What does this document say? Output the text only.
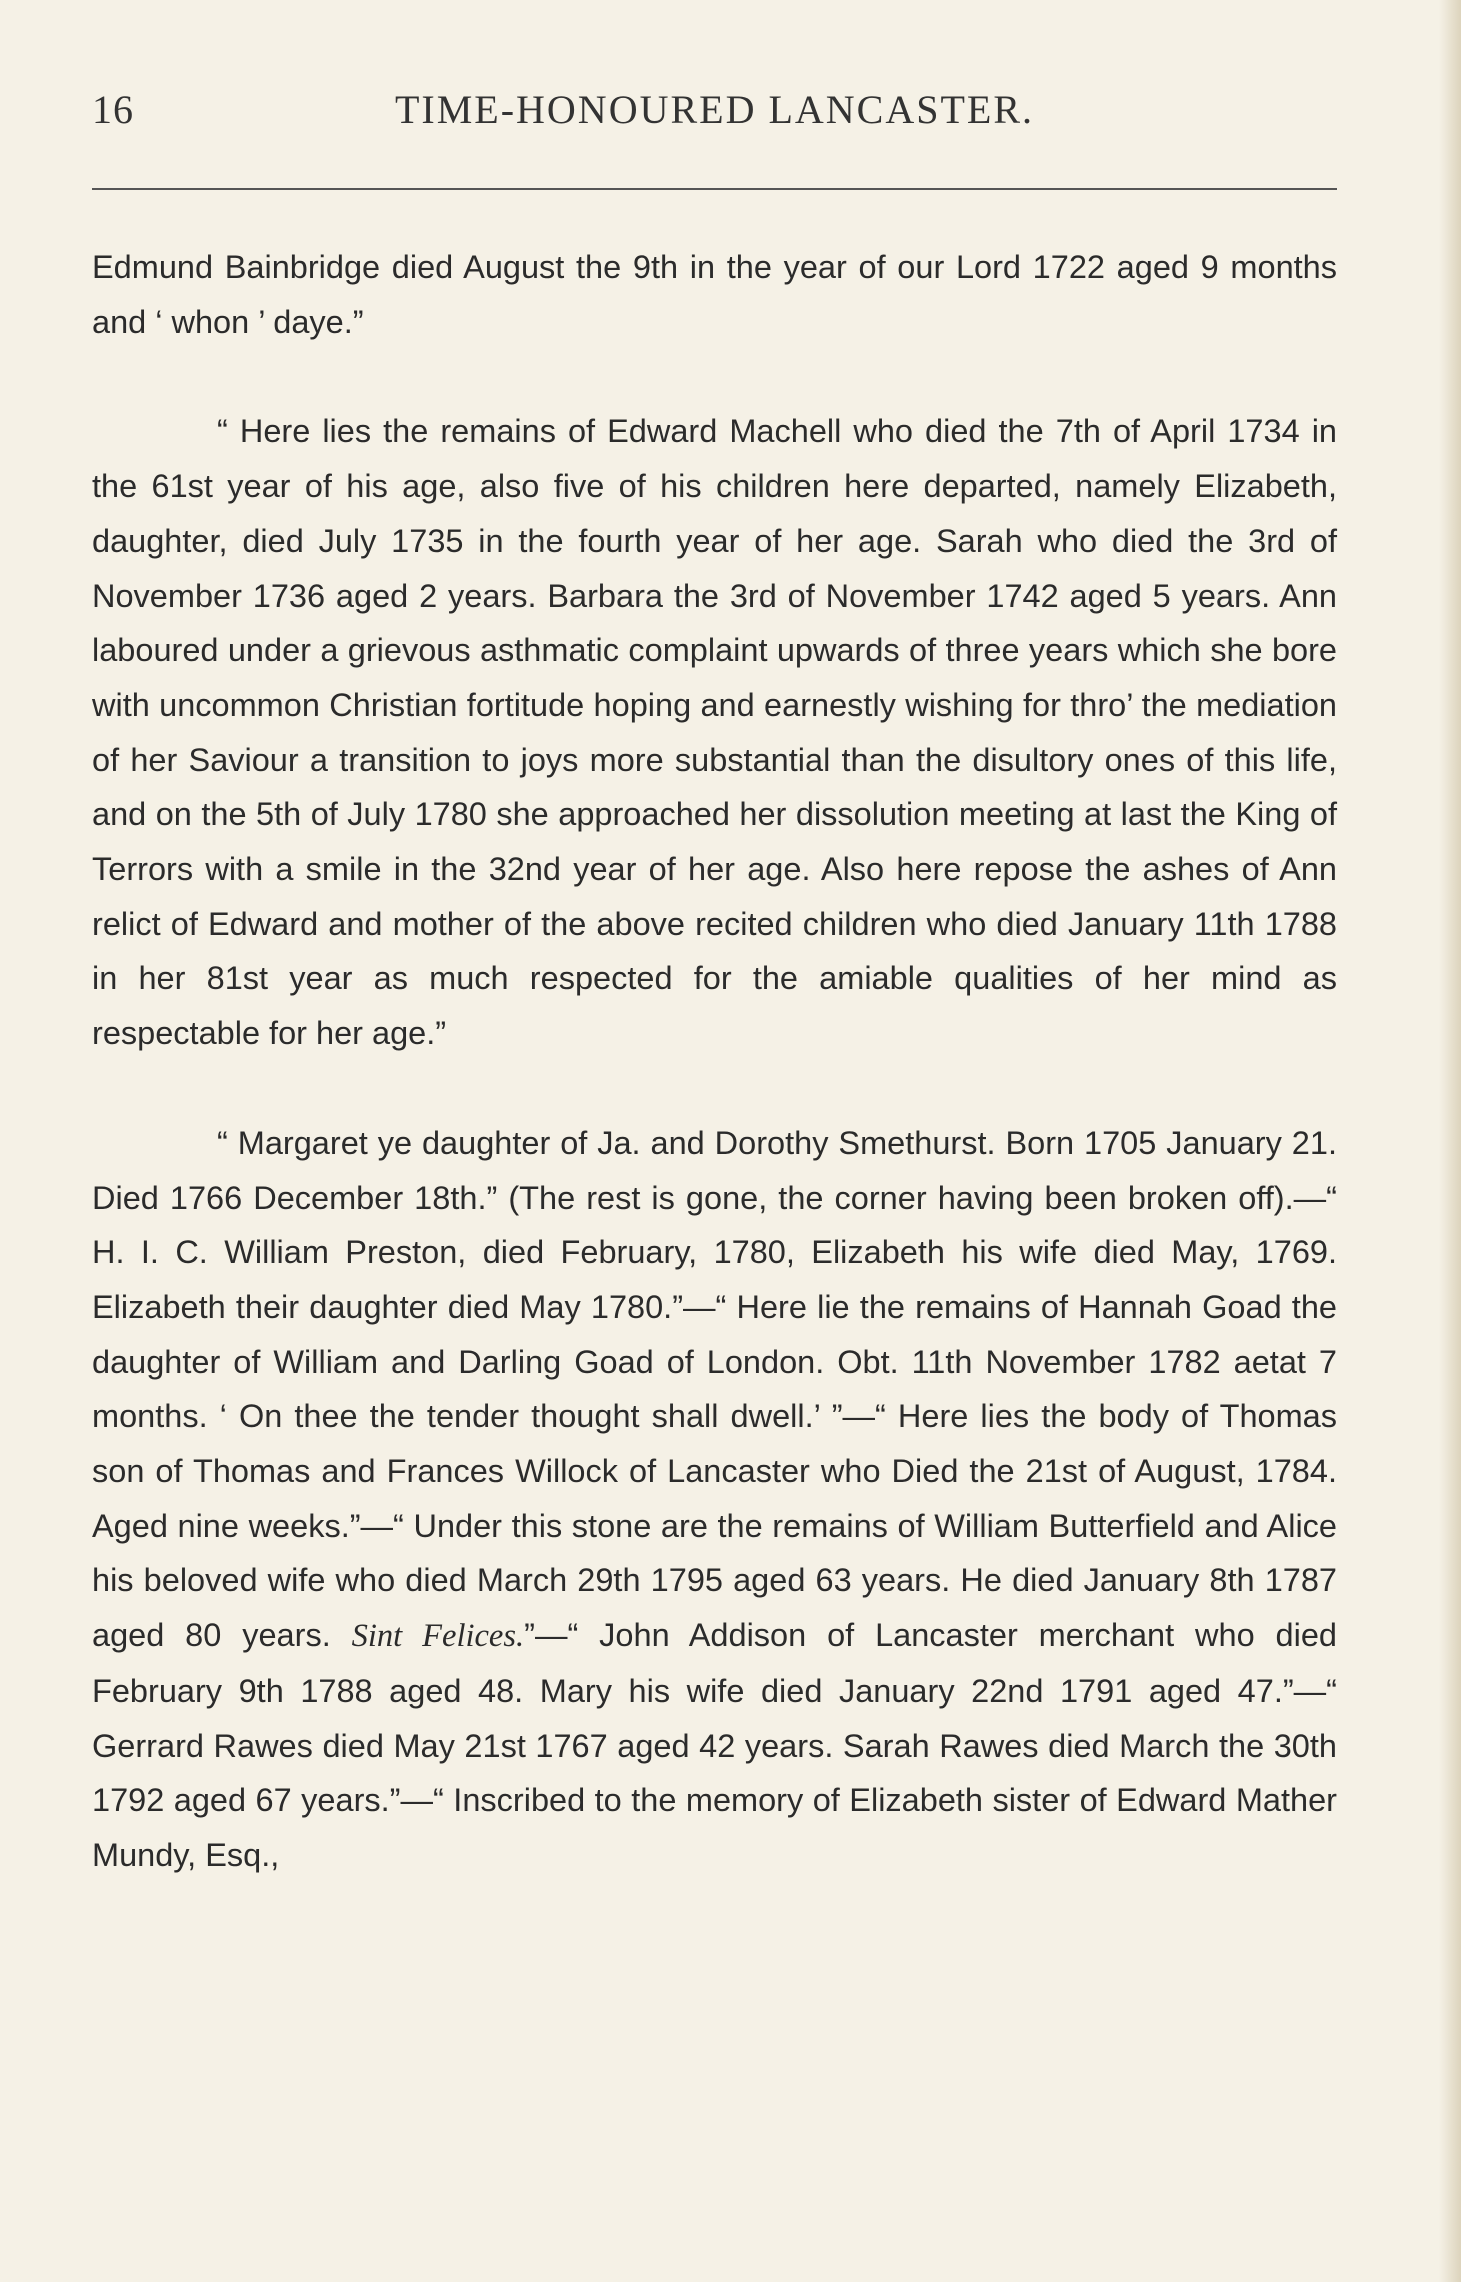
16	TIME-HONOURED LANCASTER.

Edmund Bainbridge died August the 9th in the year of our Lord 1722 aged 9 months and ‘ whon ’ daye.”

“ Here lies the remains of Edward Machell who died the 7th of April 1734 in the 61st year of his age, also five of his children here departed, namely Elizabeth, daughter, died July 1735 in the fourth year of her age. Sarah who died the 3rd of November 1736 aged 2 years. Barbara the 3rd of November 1742 aged 5 years. Ann laboured under a grievous asthmatic complaint upwards of three years which she bore with uncommon Christian fortitude hoping and earnestly wishing for thro’ the mediation of her Saviour a transition to joys more substantial than the disultory ones of this life, and on the 5th of July 1780 she approached her dissolution meeting at last the King of Terrors with a smile in the 32nd year of her age. Also here repose the ashes of Ann relict of Edward and mother of the above recited children who died January 11th 1788 in her 81st year as much respected for the amiable qualities of her mind as respectable for her age.”

“ Margaret ye daughter of Ja. and Dorothy Smethurst. Born 1705 January 21. Died 1766 December 18th.” (The rest is gone, the corner having been broken off).—“ H. I. C. William Preston, died February, 1780, Elizabeth his wife died May, 1769. Elizabeth their daughter died May 1780.”—“ Here lie the remains of Hannah Goad the daughter of William and Darling Goad of London. Obt. 11th November 1782 aetat 7 months. ‘ On thee the tender thought shall dwell.’ ”—“ Here lies the body of Thomas son of Thomas and Frances Willock of Lancaster who Died the 21st of August, 1784. Aged nine weeks.”—“ Under this stone are the remains of William Butterfield and Alice his beloved wife who died March 29th 1795 aged 63 years. He died January 8th 1787 aged 80 years. Sint Felices.”—“ John Addison of Lancaster merchant who died February 9th 1788 aged 48. Mary his wife died January 22nd 1791 aged 47.”—“ Gerrard Rawes died May 21st 1767 aged 42 years. Sarah Rawes died March the 30th 1792 aged 67 years.”—“ Inscribed to the memory of Elizabeth sister of Edward Mather Mundy, Esq.,
